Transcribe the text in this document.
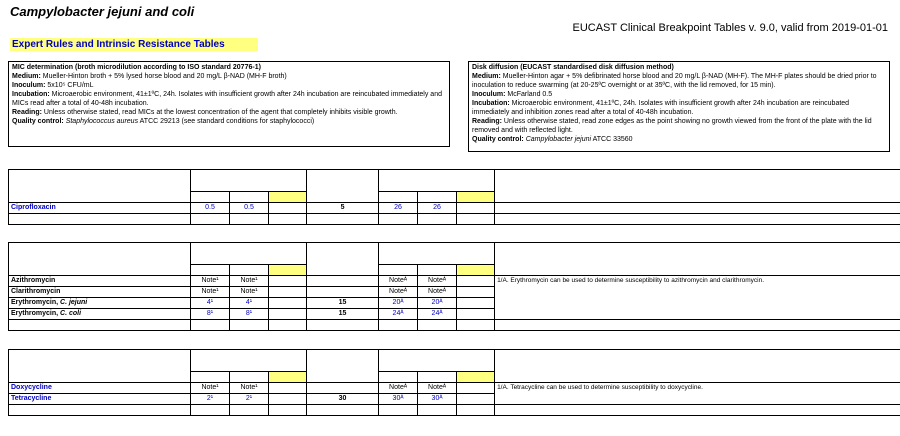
Campylobacter jejuni and coli
Expert Rules and Intrinsic Resistance Tables
EUCAST Clinical Breakpoint Tables v. 9.0, valid from 2019-01-01
MIC determination (broth microdilution according to ISO standard 20776-1)
Medium: Mueller-Hinton broth + 5% lysed horse blood and 20 mg/L β-NAD (MH-F broth)
Inoculum: 5x10⁵ CFU/mL
Incubation: Microaerobic environment, 41±1ºC, 24h. Isolates with insufficient growth after 24h incubation are reincubated immediately and MICs read after a total of 40-48h incubation.
Reading: Unless otherwise stated, read MICs at the lowest concentration of the agent that completely inhibits visible growth.
Quality control: Staphylococcus aureus ATCC 29213 (see standard conditions for staphylococci)
Disk diffusion (EUCAST standardised disk diffusion method)
Medium: Mueller-Hinton agar + 5% defibrinated horse blood and 20 mg/L β-NAD (MH-F). The MH-F plates should be dried prior to inoculation to reduce swarming (at 20-25ºC overnight or at 35ºC, with the lid removed, for 15 min).
Inoculum: McFarland 0.5
Incubation: Microaerobic environment, 41±1ºC, 24h. Isolates with insufficient growth after 24h incubation are reincubated immediately and inhibition zones read after a total of 40-48h incubation.
Reading: Unless otherwise stated, read zone edges as the point showing no growth viewed from the front of the plate with the lid removed and with reflected light.
Quality control: Campylobacter jejuni ATCC 33560

Ciprofloxacin	0.5	0.5		5	26	26		

Azithromycin	Note¹	Note¹			Noteᴬ	Noteᴬ		1/A. Erythromycin can be used to determine susceptibility to azithromycin and clarithromycin.
Clarithromycin	Note¹	Note¹			Noteᴬ	Noteᴬ		
Erythromycin, C. jejuni	4¹	4¹		15	20ᴬ	20ᴬ		
Erythromycin, C. coli	8¹	8¹		15	24ᴬ	24ᴬ		

Doxycycline	Note¹	Note¹			Noteᴬ	Noteᴬ		1/A. Tetracycline can be used to determine susceptibility to doxycycline.
Tetracycline	2¹	2¹		30	30ᴬ	30ᴬ		
